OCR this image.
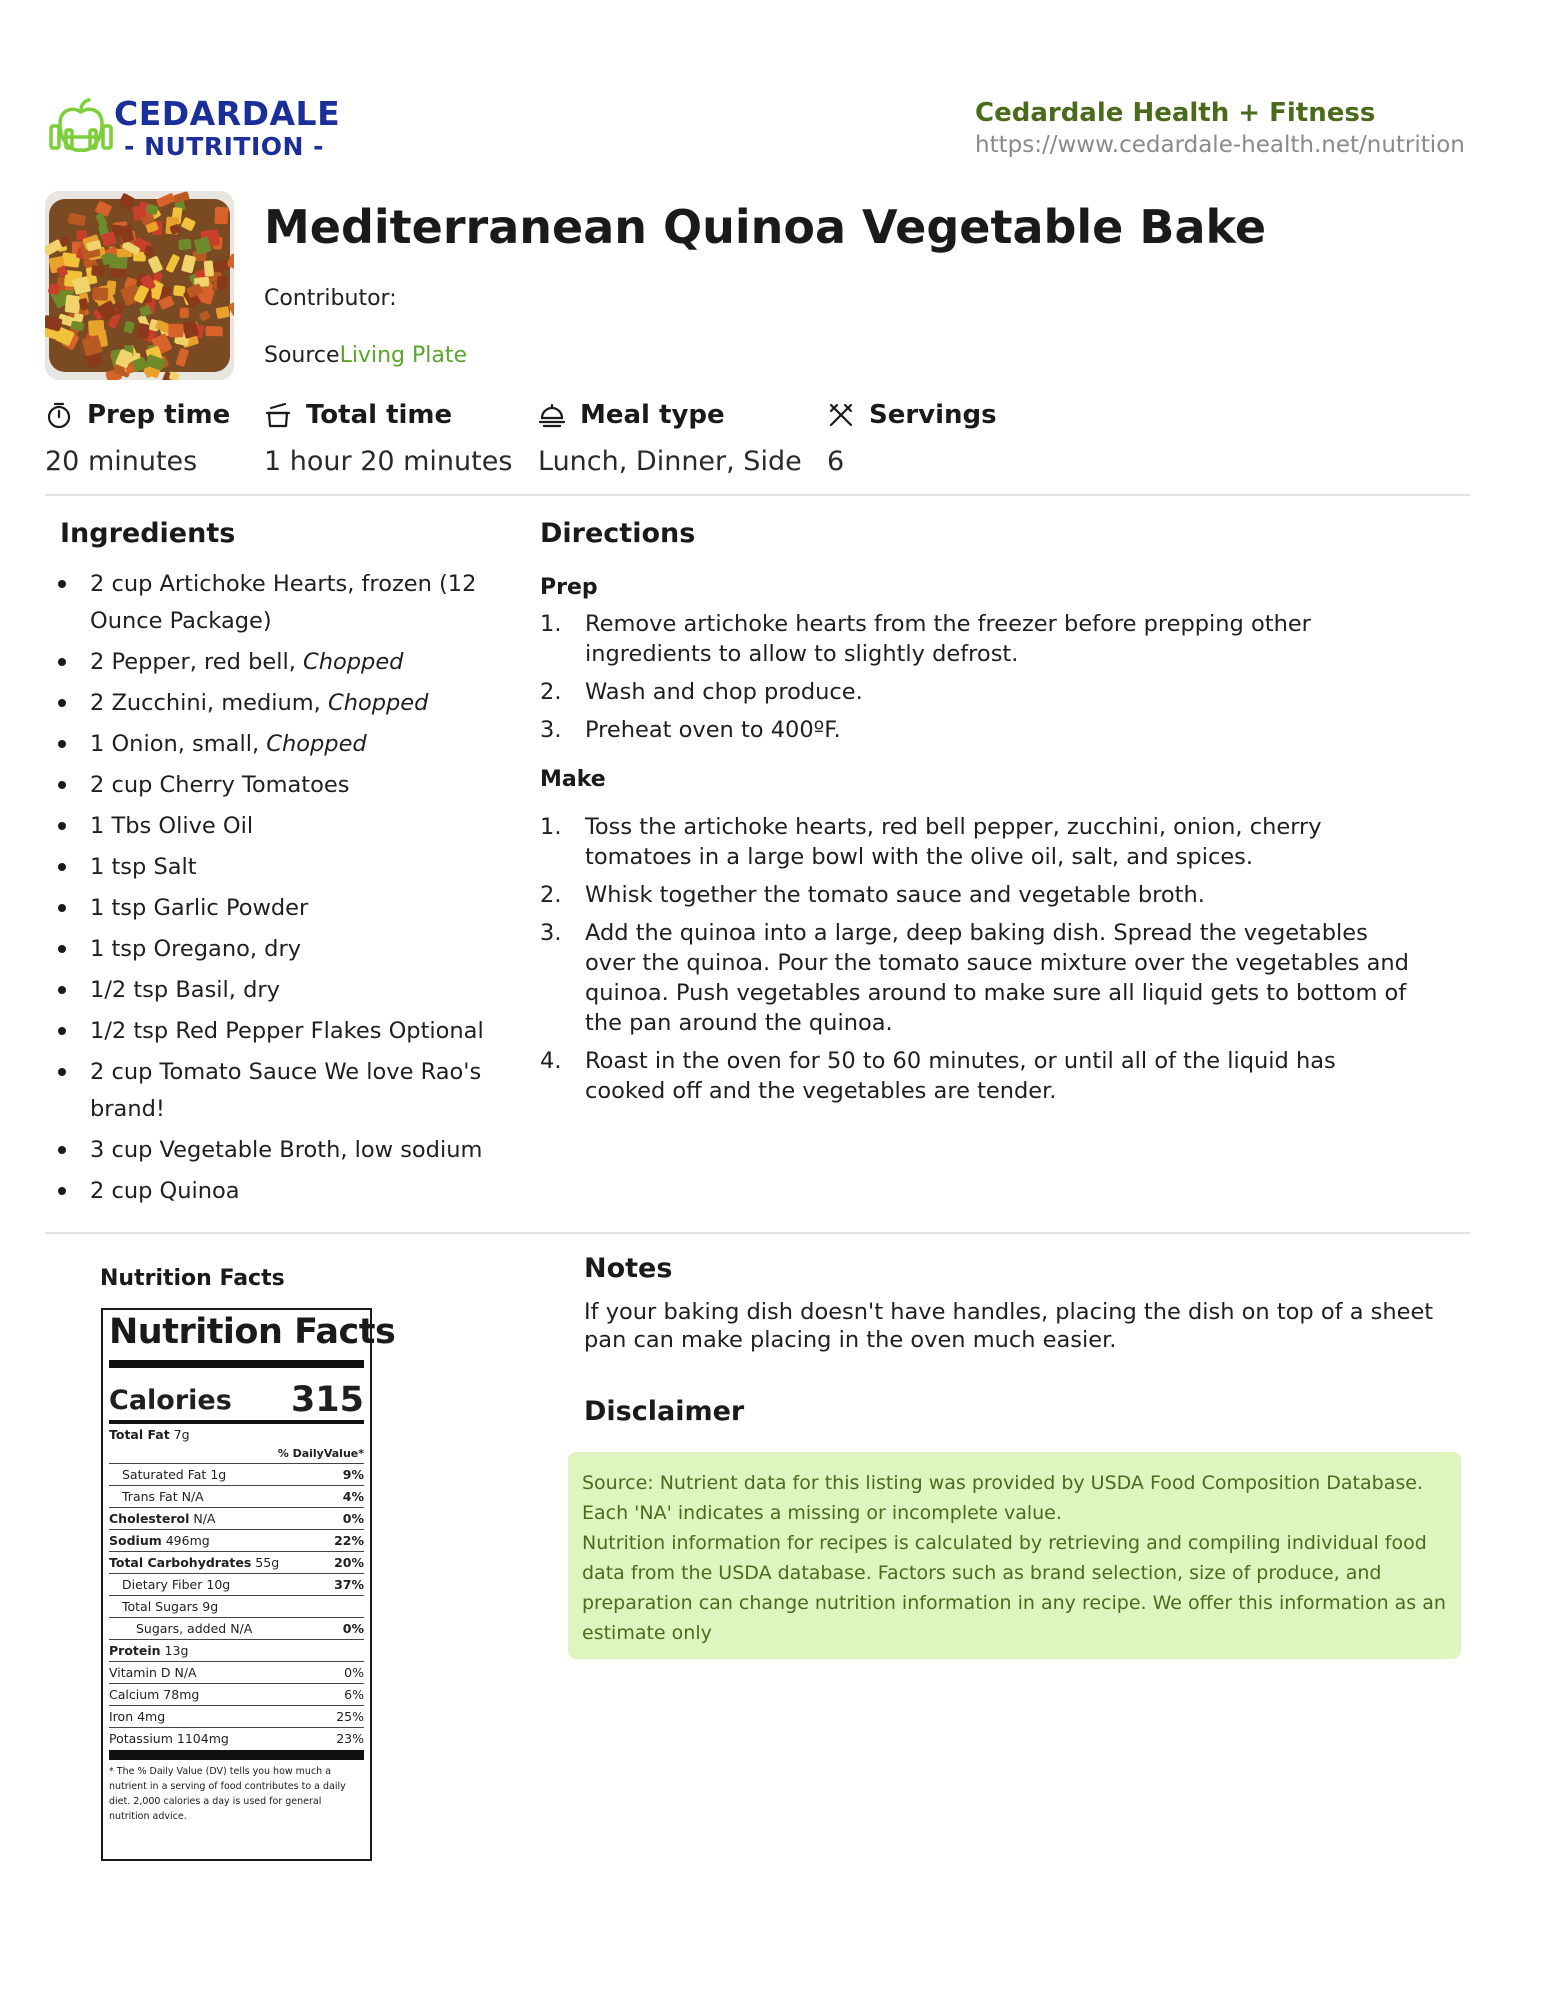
CEDARDALE
- NUTRITION -
Cedardale Health + Fitness
https://www.cedardale-health.net/nutrition
Mediterranean Quinoa Vegetable Bake
Contributor:
SourceLiving Plate
Prep time
20 minutes
Total time
1 hour 20 minutes
Meal type
Lunch, Dinner, Side
Servings
6
Ingredients
2 cup Artichoke Hearts, frozen (12 Ounce Package)
2 Pepper, red bell, Chopped
2 Zucchini, medium, Chopped
1 Onion, small, Chopped
2 cup Cherry Tomatoes
1 Tbs Olive Oil
1 tsp Salt
1 tsp Garlic Powder
1 tsp Oregano, dry
1/2 tsp Basil, dry
1/2 tsp Red Pepper Flakes Optional
2 cup Tomato Sauce We love Rao's brand!
3 cup Vegetable Broth, low sodium
2 cup Quinoa
Directions
Prep
1. Remove artichoke hearts from the freezer before prepping other ingredients to allow to slightly defrost.
2. Wash and chop produce.
3. Preheat oven to 400ºF.
Make
1. Toss the artichoke hearts, red bell pepper, zucchini, onion, cherry tomatoes in a large bowl with the olive oil, salt, and spices.
2. Whisk together the tomato sauce and vegetable broth.
3. Add the quinoa into a large, deep baking dish. Spread the vegetables over the quinoa. Pour the tomato sauce mixture over the vegetables and quinoa. Push vegetables around to make sure all liquid gets to bottom of the pan around the quinoa.
4. Roast in the oven for 50 to 60 minutes, or until all of the liquid has cooked off and the vegetables are tender.
Nutrition Facts
Nutrition Facts
Calories 315
Total Fat 7g
% DailyValue*
Saturated Fat 1g	9%
Trans Fat N/A	4%
Cholesterol N/A	0%
Sodium 496mg	22%
Total Carbohydrates 55g	20%
Dietary Fiber 10g	37%
Total Sugars 9g
Sugars, added N/A	0%
Protein 13g
Vitamin D N/A	0%
Calcium 78mg	6%
Iron 4mg	25%
Potassium 1104mg	23%
* The % Daily Value (DV) tells you how much a nutrient in a serving of food contributes to a daily diet. 2,000 calories a day is used for general nutrition advice.
Notes
If your baking dish doesn't have handles, placing the dish on top of a sheet pan can make placing in the oven much easier.
Disclaimer
Source: Nutrient data for this listing was provided by USDA Food Composition Database. Each 'NA' indicates a missing or incomplete value.
Nutrition information for recipes is calculated by retrieving and compiling individual food data from the USDA database. Factors such as brand selection, size of produce, and preparation can change nutrition information in any recipe. We offer this information as an estimate only
